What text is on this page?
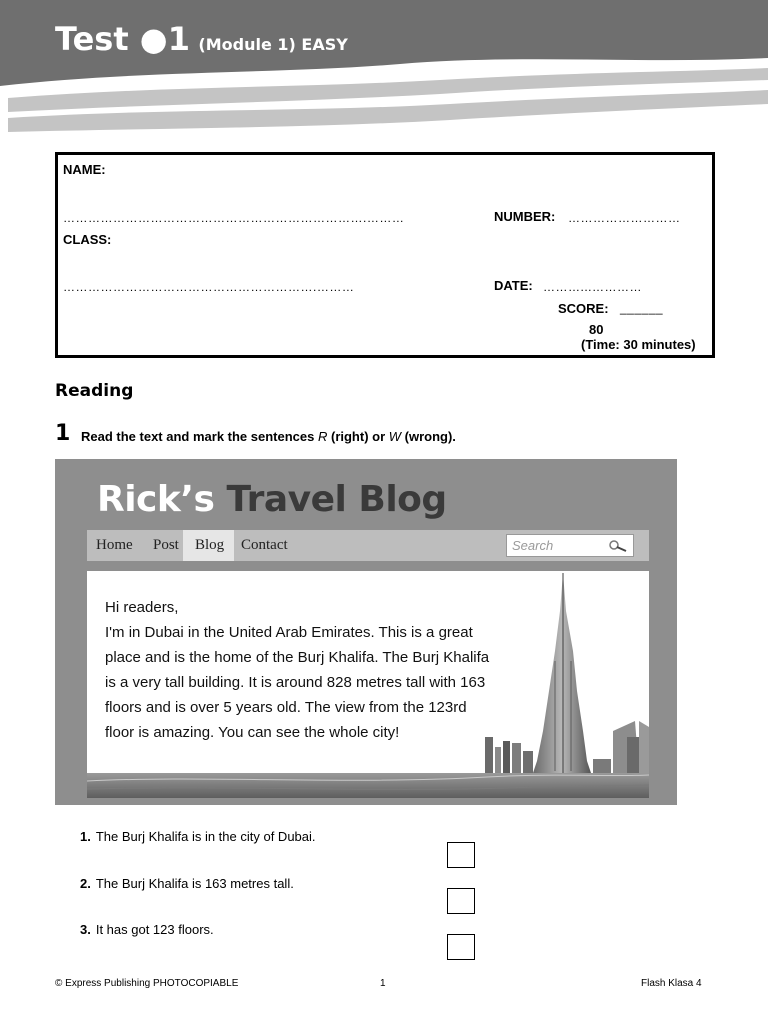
Test ●1 (Module 1) EASY
NAME:
……………………………………………………………….………	NUMBER: ………………………
CLASS:
…………………………………………………….………	DATE: ………...…………
SCORE: ______
80
(Time: 30 minutes)
Reading
1 Read the text and mark the sentences R (right) or W (wrong).
Rick’s Travel Blog
Home Post	Blog	Contact	Search

Hi readers,

I'm in Dubai in the United Arab Emirates. This is a great

place and is the home of the Burj Khalifa. The Burj Khalifa

is a very tall building. It is around 828 metres tall with 163

floors and is over 5 years old. The view from the 123rd

floor is amazing. You can see the whole city!

1. The Burj Khalifa is in the city of Dubai.
2. The Burj Khalifa is 163 metres tall.
3. It has got 123 floors.
© Express Publishing PHOTOCOPIABLE	1	Flash Klasa 4
